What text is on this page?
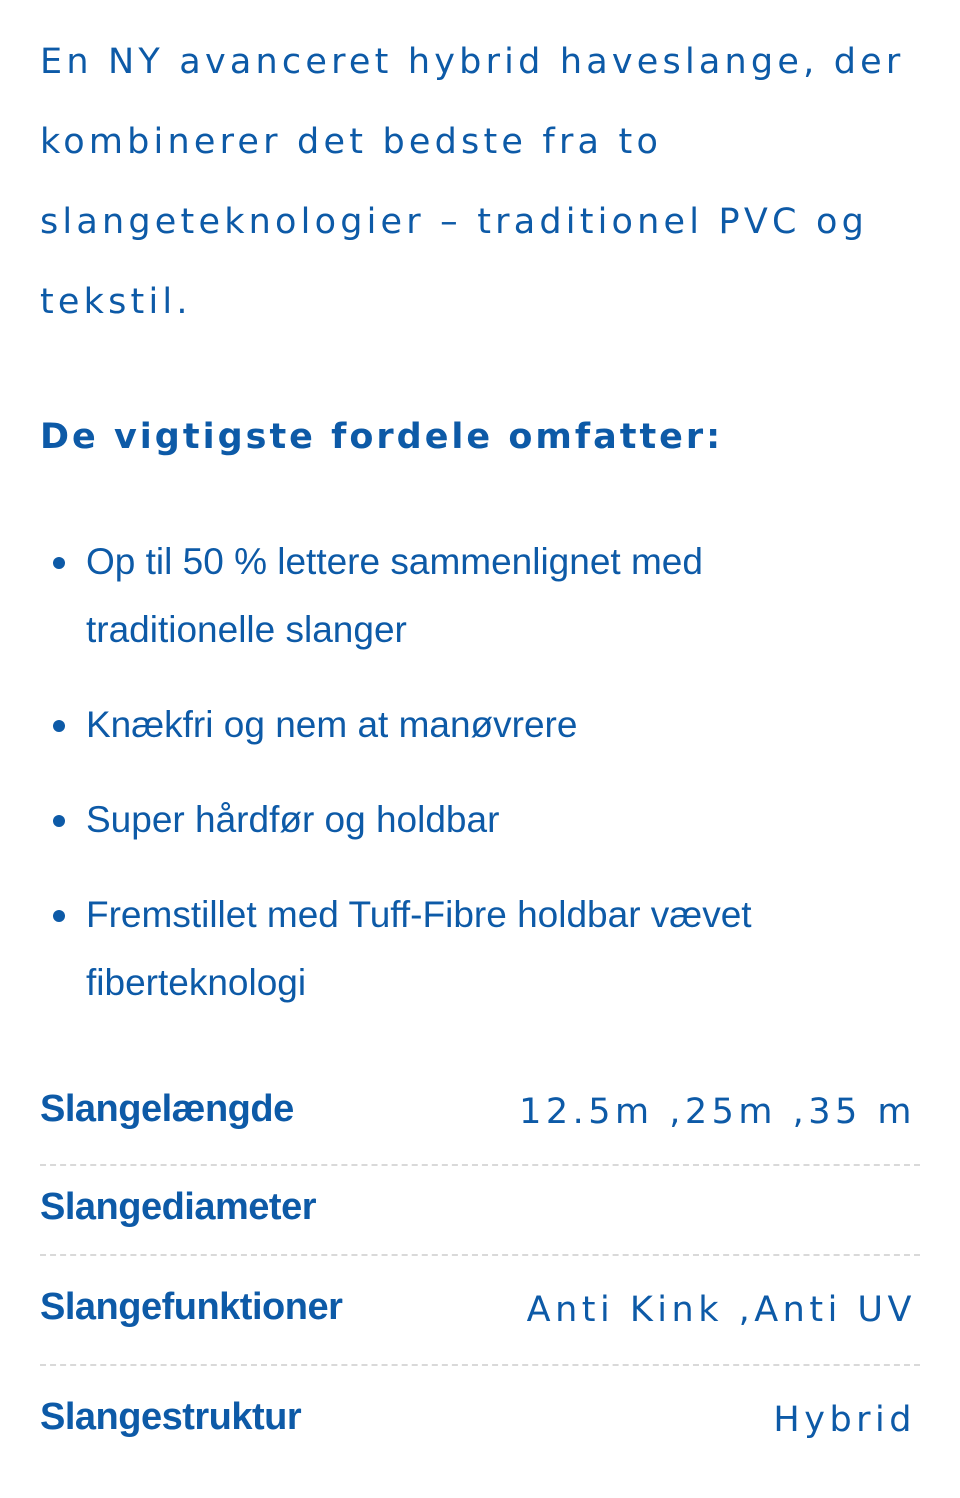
En NY avanceret hybrid haveslange, der kombinerer det bedste fra to slangeteknologier – traditionel PVC og tekstil.

De vigtigste fordele omfatter:
Op til 50 % lettere sammenlignet med traditionelle slanger
Knækfri og nem at manøvrere
Super hårdfør og holdbar
Fremstillet med Tuff-Fibre holdbar vævet fiberteknologi
Slangelængde	12.5m ,25m ,35 m
Slangediameter
Slangefunktioner	Anti Kink ,Anti UV
Slangestruktur	Hybrid
